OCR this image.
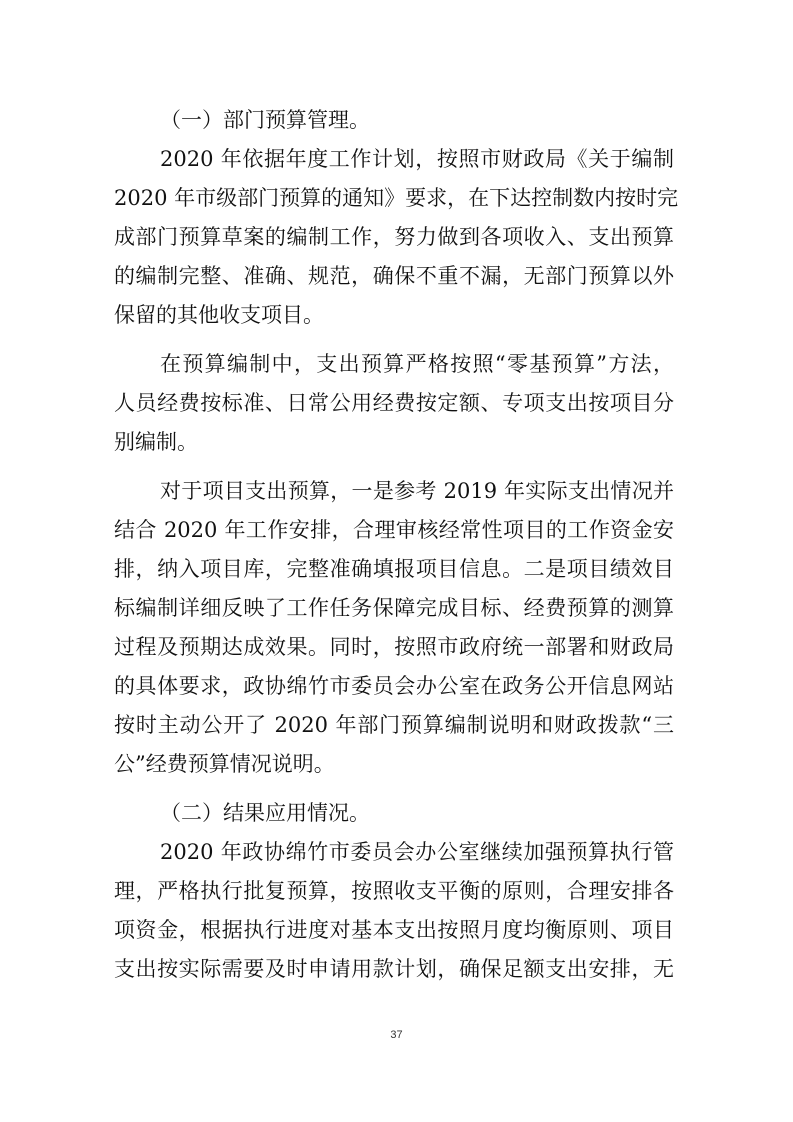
（一）部门预算管理。

2020 年依据年度工作计划，按照市财政局《关于编制

2020 年市级部门预算的通知》要求，在下达控制数内按时完

成部门预算草案的编制工作，努力做到各项收入、支出预算

的编制完整、准确、规范，确保不重不漏，无部门预算以外

保留的其他收支项目。

在预算编制中，支出预算严格按照“零基预算”方法，

人员经费按标准、日常公用经费按定额、专项支出按项目分

别编制。

对于项目支出预算，一是参考 2019 年实际支出情况并

结合 2020 年工作安排，合理审核经常性项目的工作资金安

排，纳入项目库，完整准确填报项目信息。二是项目绩效目

标编制详细反映了工作任务保障完成目标、经费预算的测算

过程及预期达成效果。同时，按照市政府统一部署和财政局

的具体要求，政协绵竹市委员会办公室在政务公开信息网站

按时主动公开了 2020 年部门预算编制说明和财政拨款“三

公”经费预算情况说明。

（二）结果应用情况。

2020 年政协绵竹市委员会办公室继续加强预算执行管

理，严格执行批复预算，按照收支平衡的原则，合理安排各

项资金，根据执行进度对基本支出按照月度均衡原则、项目

支出按实际需要及时申请用款计划，确保足额支出安排，无

37
